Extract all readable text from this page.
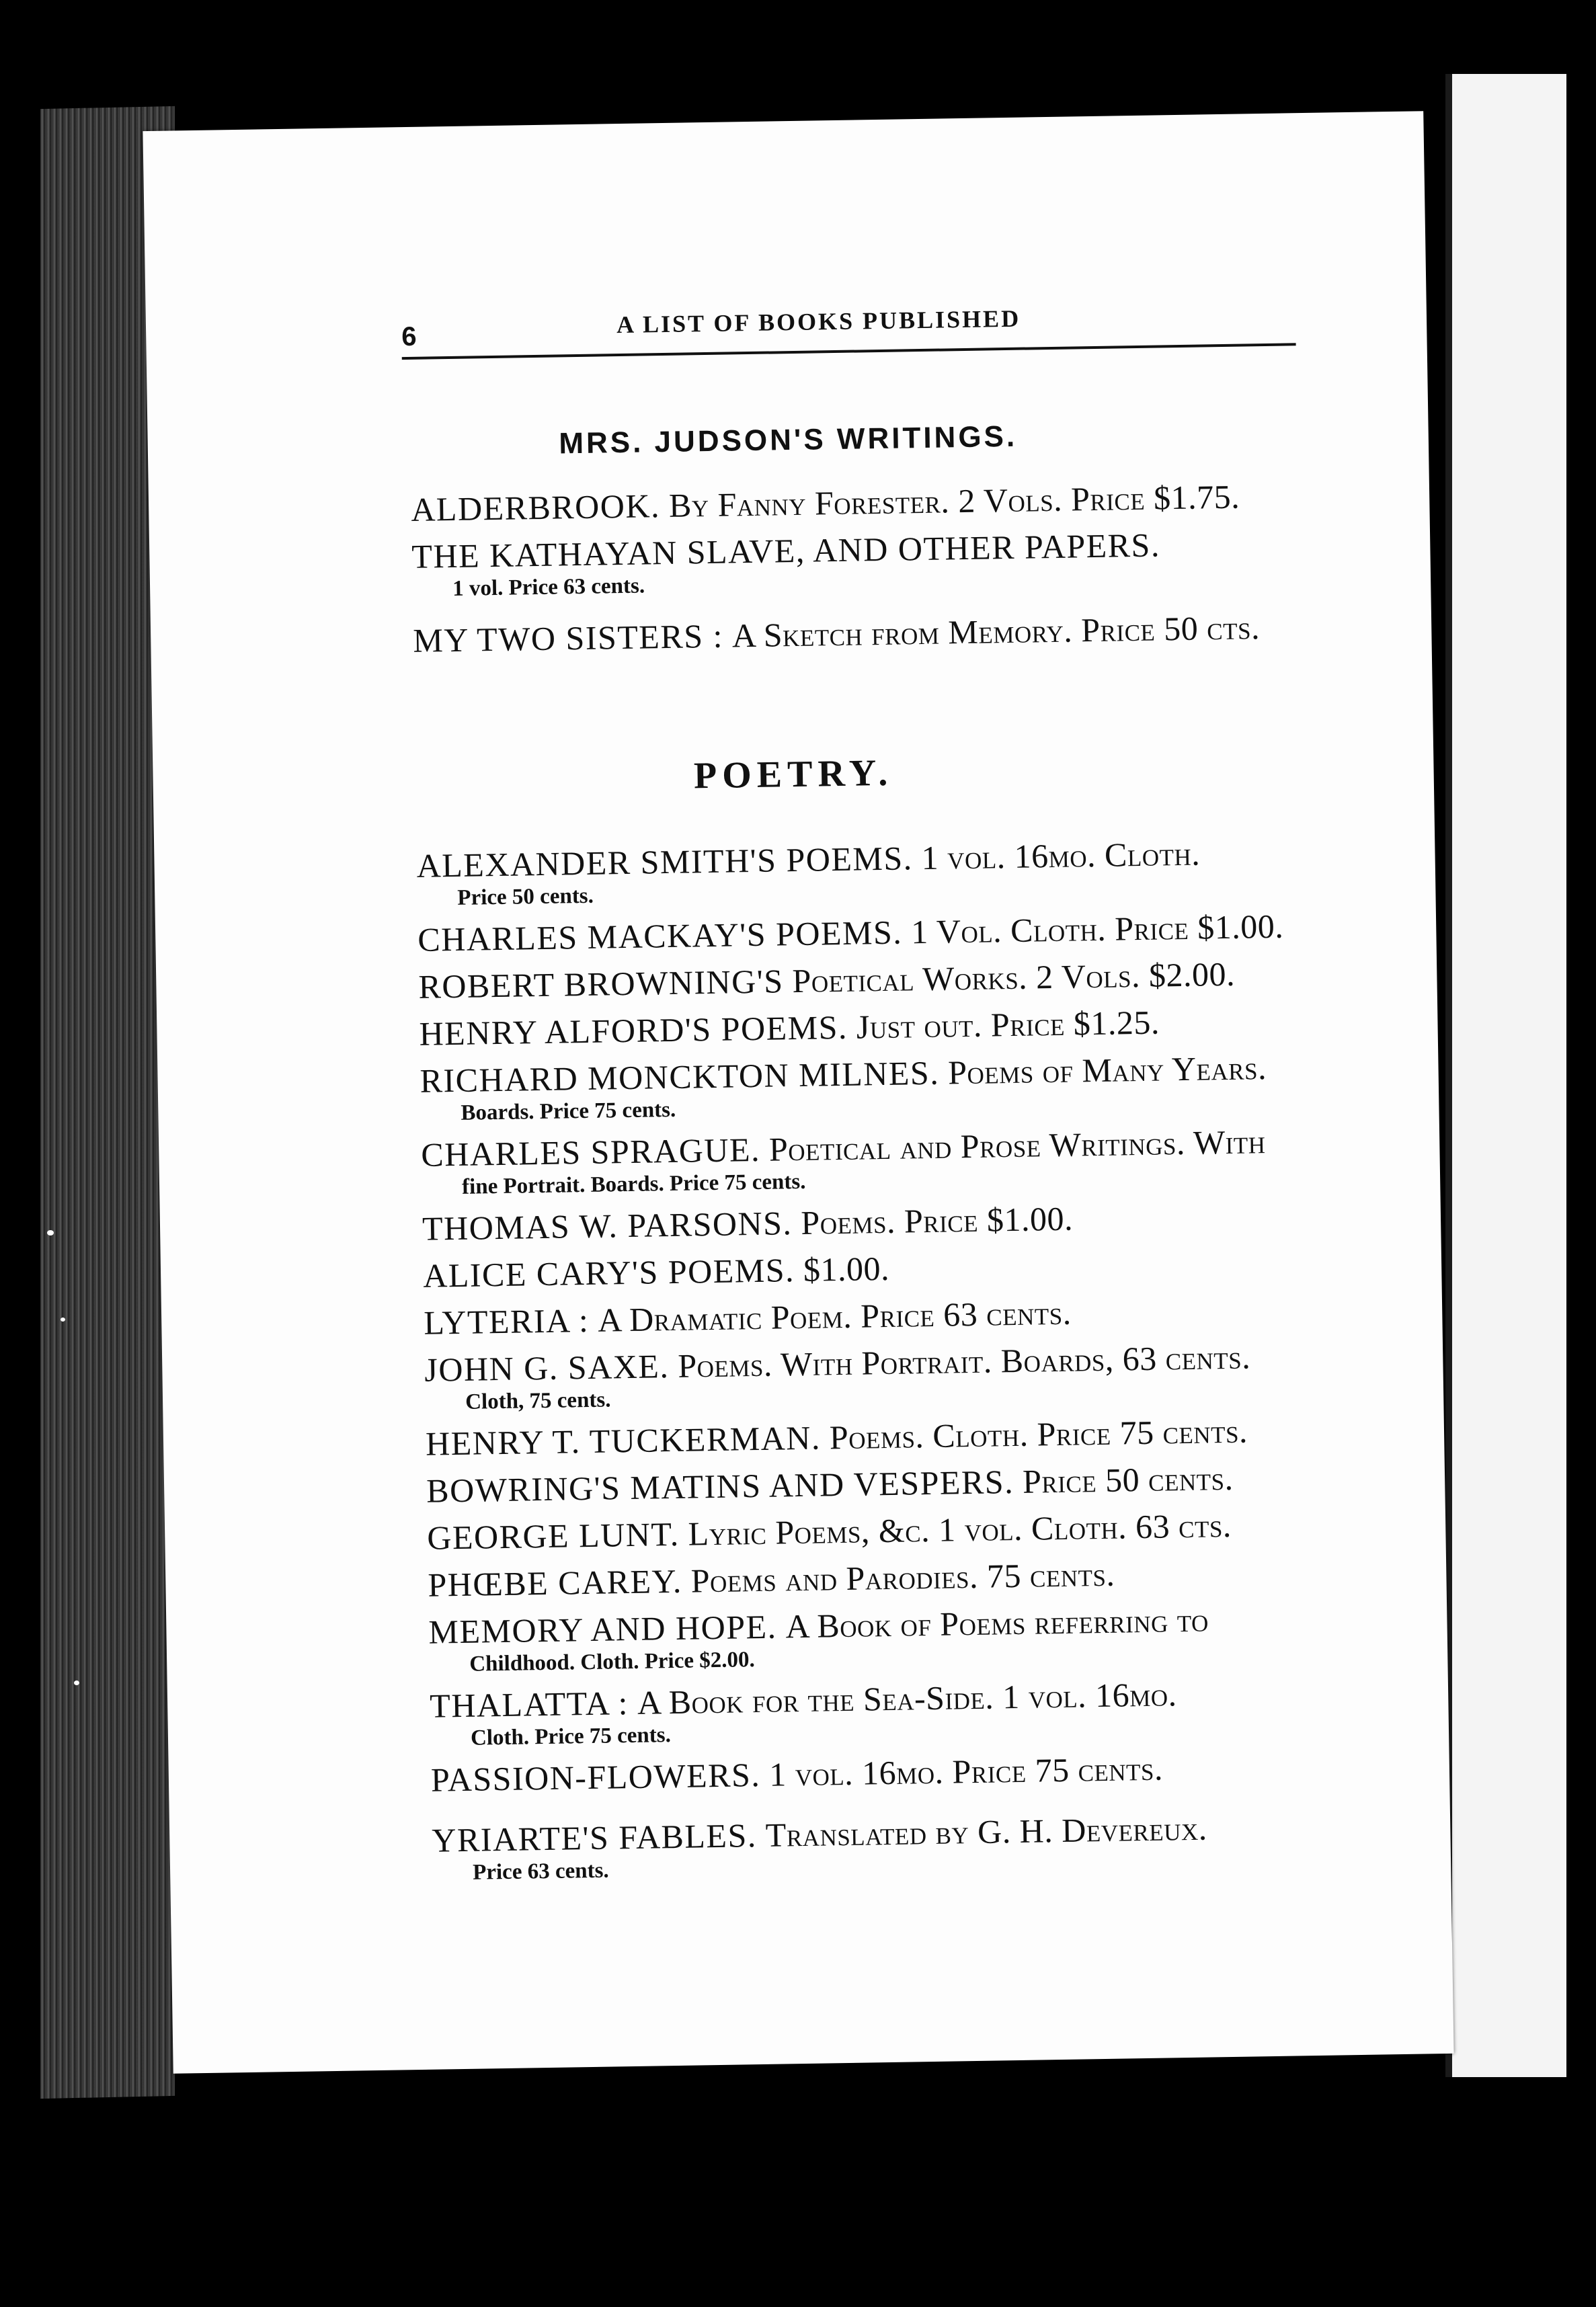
6	A LIST OF BOOKS PUBLISHED
MRS. JUDSON'S WRITINGS.
ALDERBROOK. By Fanny Forester. 2 Vols. Price $1.75.
THE KATHAYAN SLAVE, AND OTHER PAPERS.
1 vol. Price 63 cents.
MY TWO SISTERS : A Sketch from Memory. Price 50 cts.
POETRY.
ALEXANDER SMITH'S POEMS. 1 vol. 16mo. Cloth.
Price 50 cents.
CHARLES MACKAY'S POEMS. 1 Vol. Cloth. Price $1.00.
ROBERT BROWNING'S Poetical Works. 2 Vols. $2.00.
HENRY ALFORD'S POEMS. Just out. Price $1.25.
RICHARD MONCKTON MILNES. Poems of Many Years.
Boards. Price 75 cents.
CHARLES SPRAGUE. Poetical and Prose Writings. With
fine Portrait. Boards. Price 75 cents.
THOMAS W. PARSONS. Poems. Price $1.00.
ALICE CARY'S POEMS. $1.00.
LYTERIA : A Dramatic Poem. Price 63 cents.
JOHN G. SAXE. Poems. With Portrait. Boards, 63 cents.
Cloth, 75 cents.
HENRY T. TUCKERMAN. Poems. Cloth. Price 75 cents.
BOWRING'S MATINS AND VESPERS. Price 50 cents.
GEORGE LUNT. Lyric Poems, &c. 1 vol. Cloth. 63 cts.
PHŒBE CAREY. Poems and Parodies. 75 cents.
MEMORY AND HOPE. A Book of Poems referring to
Childhood. Cloth. Price $2.00.
THALATTA : A Book for the Sea-Side. 1 vol. 16mo.
Cloth. Price 75 cents.
PASSION-FLOWERS. 1 vol. 16mo. Price 75 cents.
YRIARTE'S FABLES. Translated by G. H. Devereux.
Price 63 cents.
